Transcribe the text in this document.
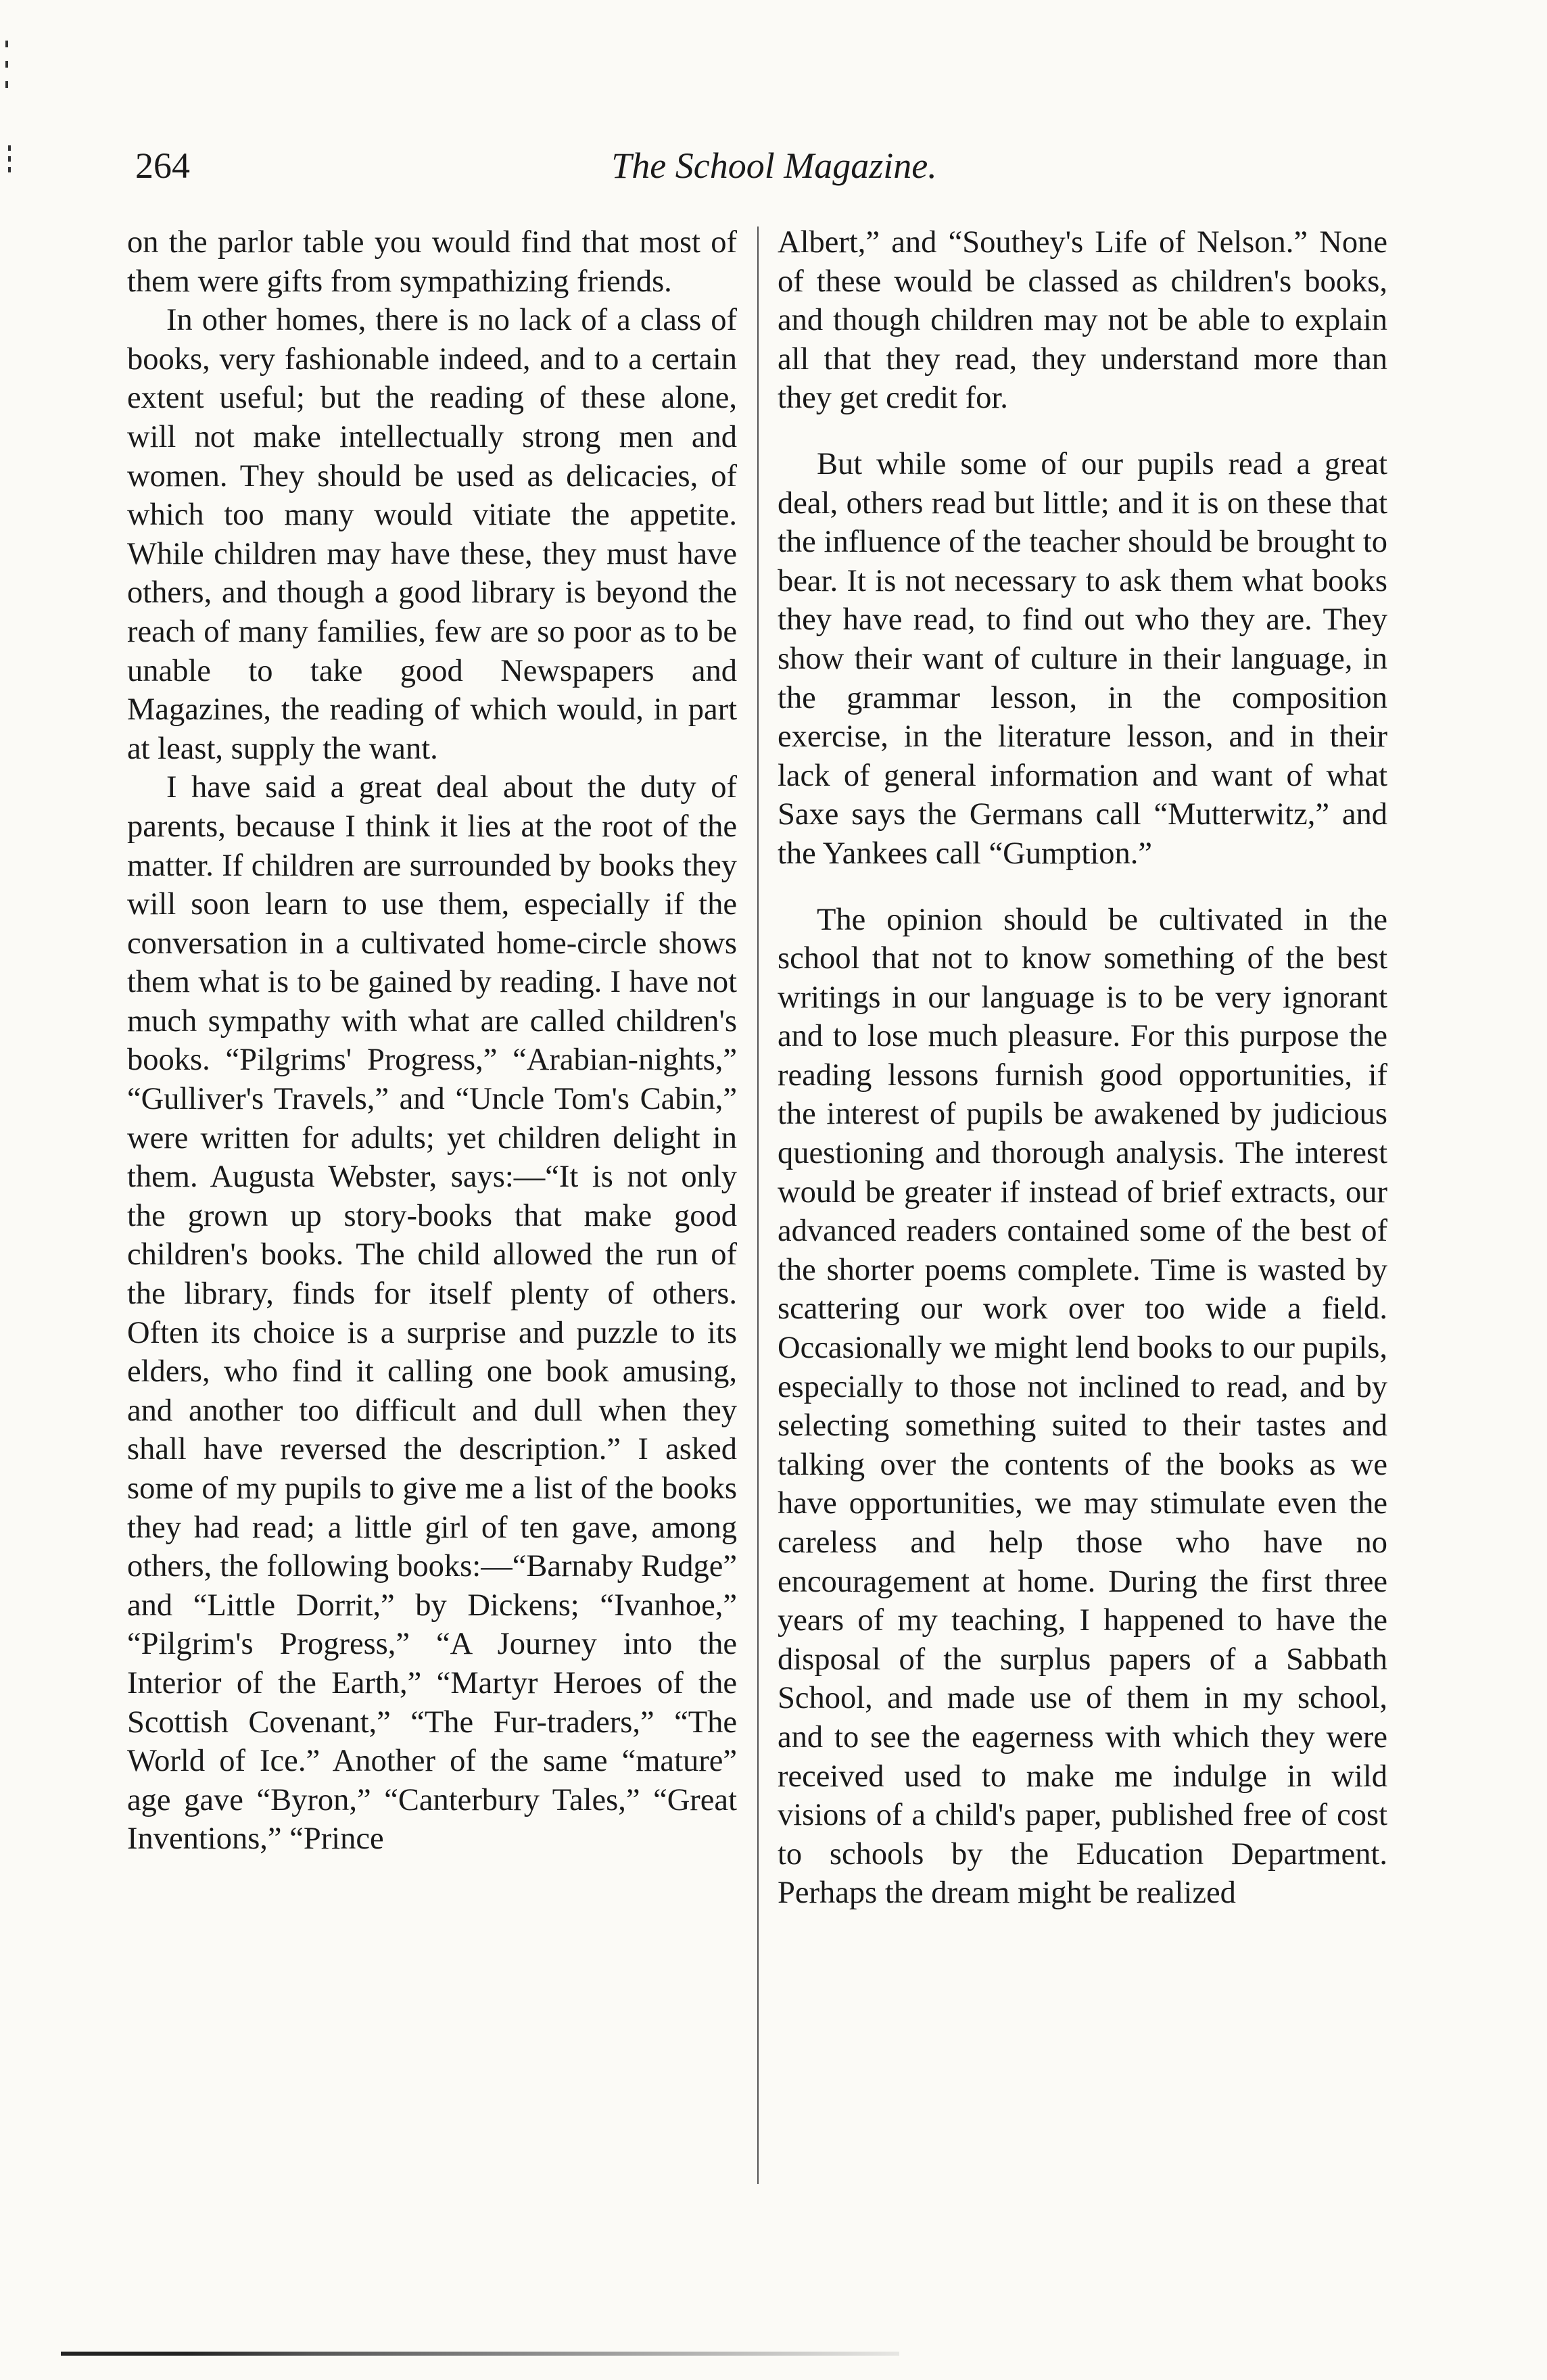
264	The School Magazine.

on the parlor table you would find that most of them were gifts from sympathizing friends.

In other homes, there is no lack of a class of books, very fashionable indeed, and to a certain extent useful; but the reading of these alone, will not make intellectually strong men and women. They should be used as delicacies, of which too many would vitiate the appetite. While children may have these, they must have others, and though a good library is beyond the reach of many families, few are so poor as to be unable to take good Newspapers and Magazines, the reading of which would, in part at least, supply the want.

I have said a great deal about the duty of parents, because I think it lies at the root of the matter. If children are surrounded by books they will soon learn to use them, especially if the conversation in a cultivated home-circle shows them what is to be gained by reading. I have not much sympathy with what are called children's books. “Pilgrims' Progress,” “Arabian-nights,” “Gulliver's Travels,” and “Uncle Tom's Cabin,” were written for adults; yet children delight in them. Augusta Webster, says:—“It is not only the grown up story-books that make good children's books. The child allowed the run of the library, finds for itself plenty of others. Often its choice is a surprise and puzzle to its elders, who find it calling one book amusing, and another too difficult and dull when they shall have reversed the description.” I asked some of my pupils to give me a list of the books they had read; a little girl of ten gave, among others, the following books:—“Barnaby Rudge” and “Little Dorrit,” by Dickens; “Ivanhoe,” “Pilgrim's Progress,” “A Journey into the Interior of the Earth,” “Martyr Heroes of the Scottish Covenant,” “The Fur-traders,” “The World of Ice.” Another of the same “mature” age gave “Byron,” “Canterbury Tales,” “Great Inventions,” “Prince

Albert,” and “Southey's Life of Nelson.” None of these would be classed as children's books, and though children may not be able to explain all that they read, they understand more than they get credit for.

But while some of our pupils read a great deal, others read but little; and it is on these that the influence of the teacher should be brought to bear. It is not necessary to ask them what books they have read, to find out who they are. They show their want of culture in their language, in the grammar lesson, in the composition exercise, in the literature lesson, and in their lack of general information and want of what Saxe says the Germans call “Mutterwitz,” and the Yankees call “Gumption.”

The opinion should be cultivated in the school that not to know something of the best writings in our language is to be very ignorant and to lose much pleasure. For this purpose the reading lessons furnish good opportunities, if the interest of pupils be awakened by judicious questioning and thorough analysis. The interest would be greater if instead of brief extracts, our advanced readers contained some of the best of the shorter poems complete. Time is wasted by scattering our work over too wide a field. Occasionally we might lend books to our pupils, especially to those not inclined to read, and by selecting something suited to their tastes and talking over the contents of the books as we have opportunities, we may stimulate even the careless and help those who have no encouragement at home. During the first three years of my teaching, I happened to have the disposal of the surplus papers of a Sabbath School, and made use of them in my school, and to see the eagerness with which they were received used to make me indulge in wild visions of a child's paper, published free of cost to schools by the Education Department. Perhaps the dream might be realized
